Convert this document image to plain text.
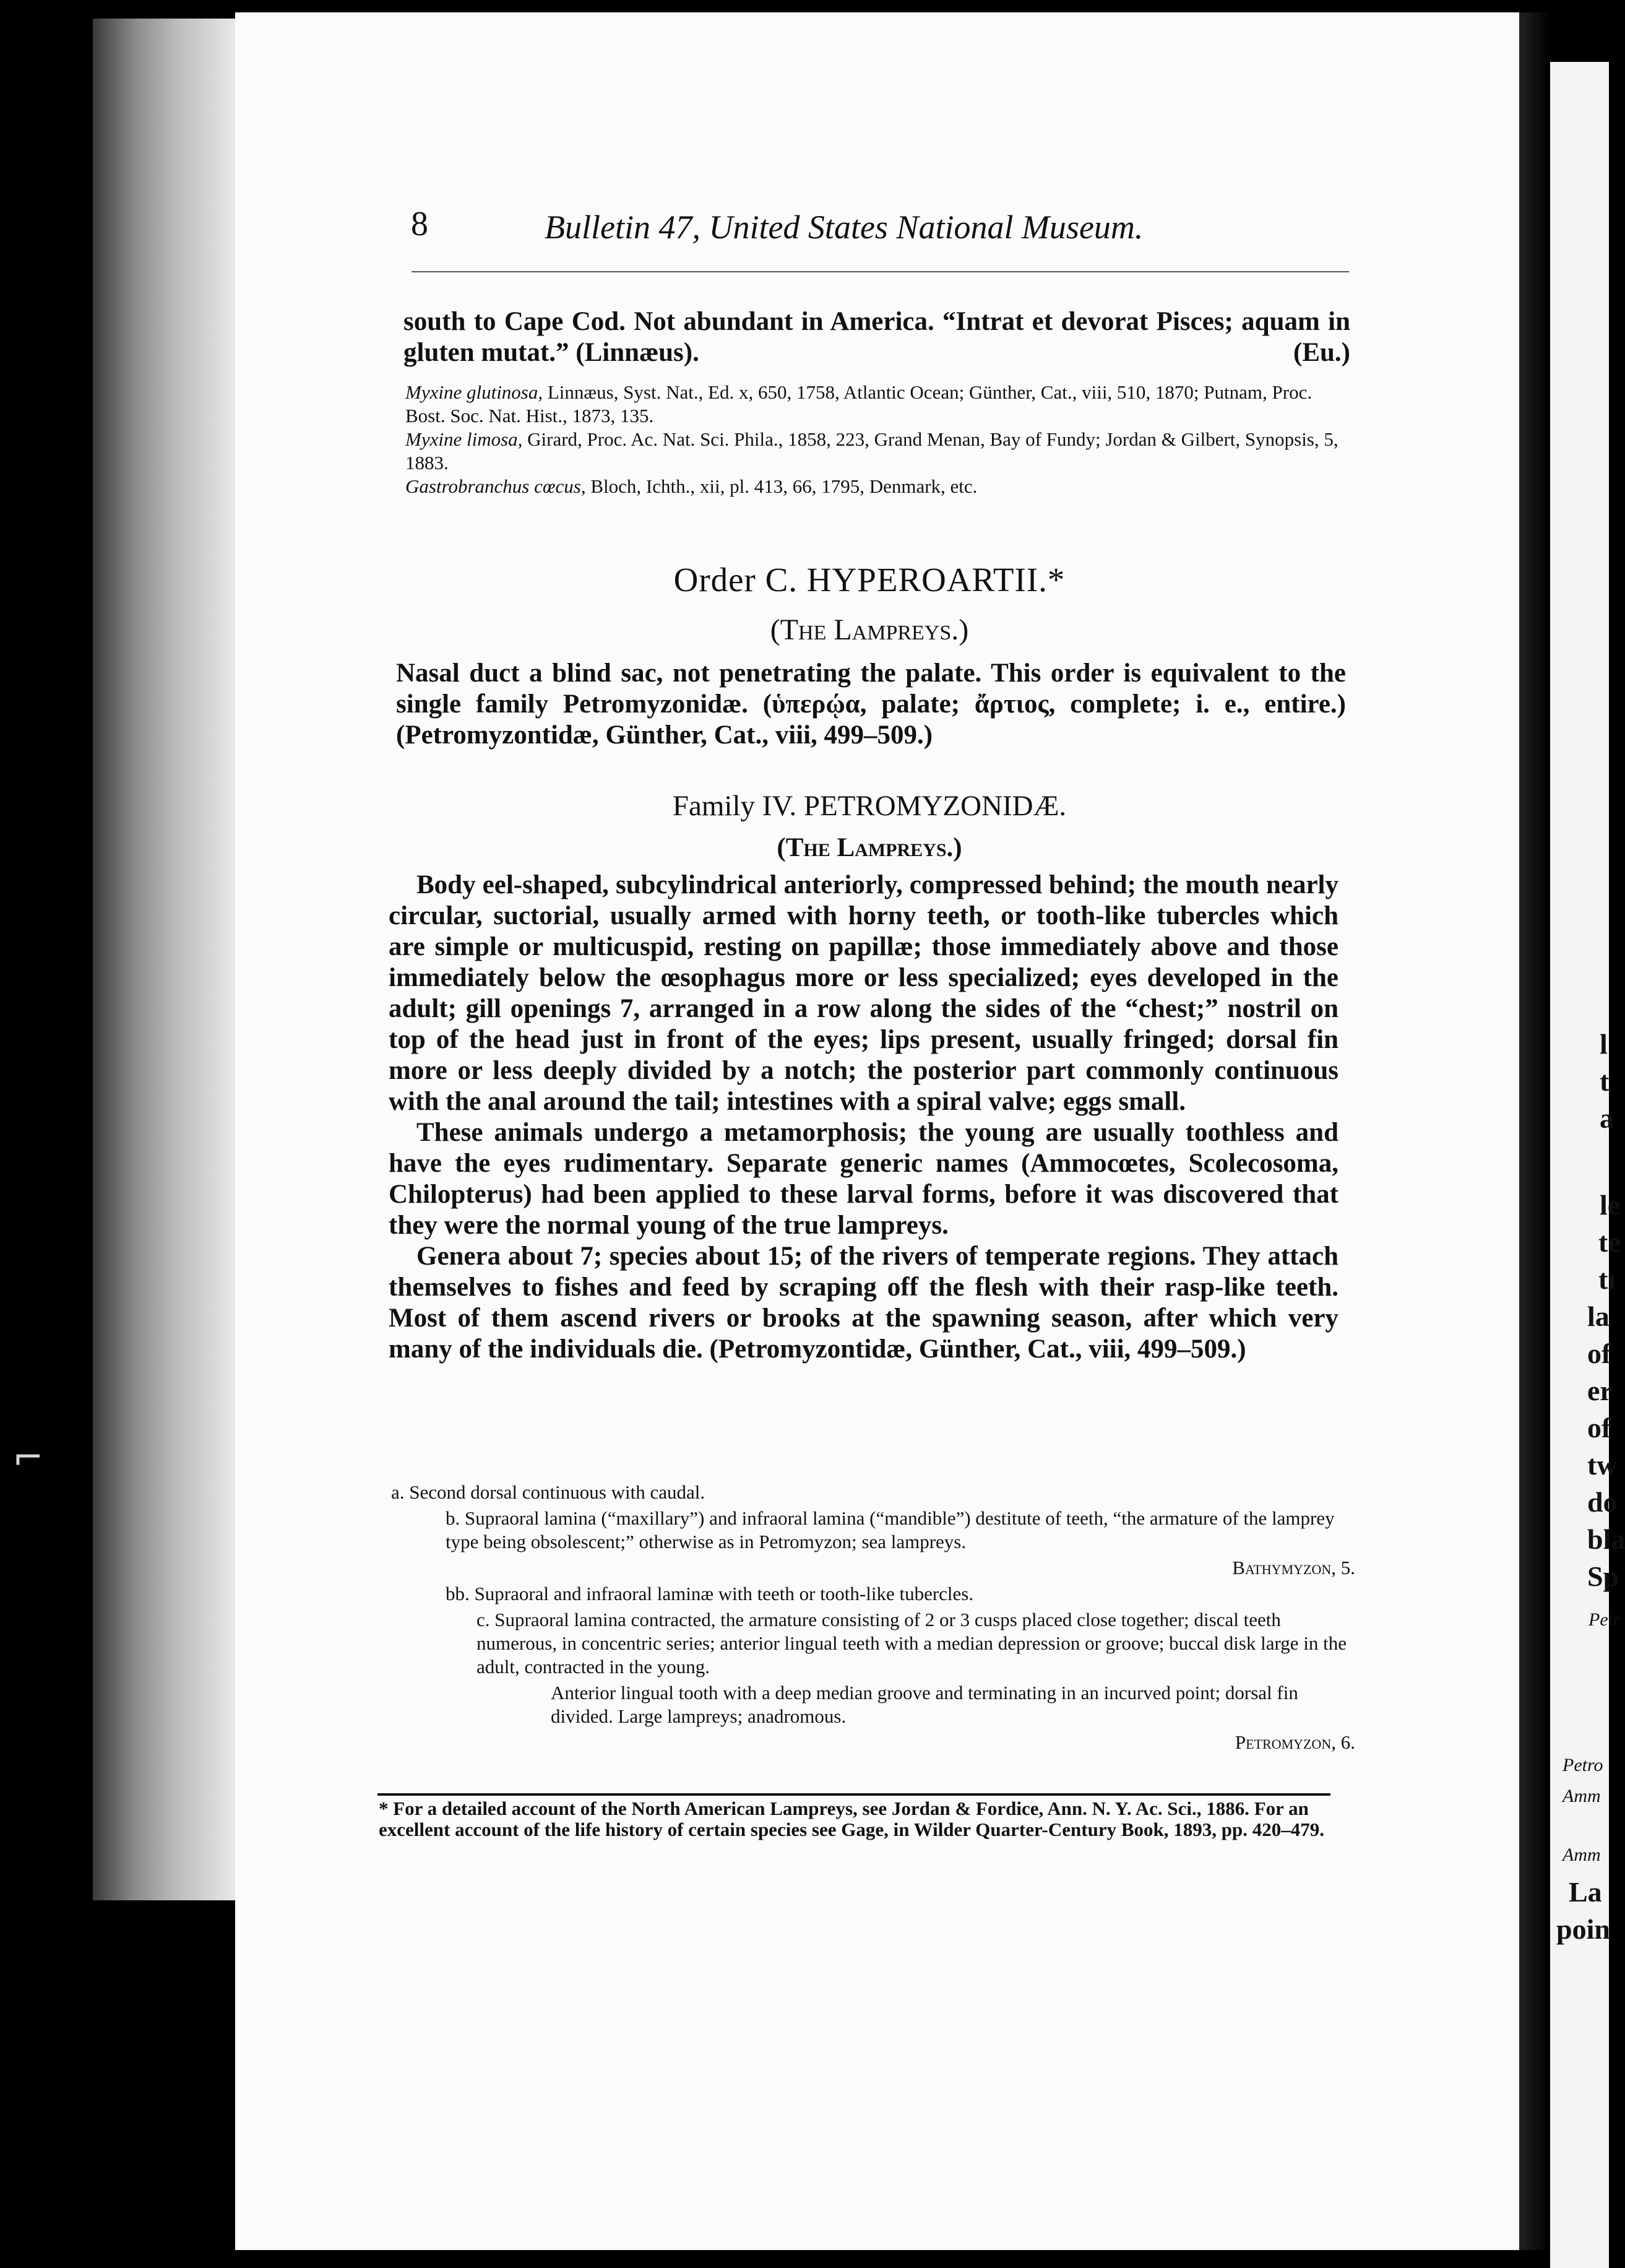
l
t
a
le
te
tı
la
of
er
of
tw
do
bla
Sp
Petr
Petro
Amm
Amm
La
poin
⌐
8	Bulletin 47, United States National Museum.
south to Cape Cod. Not abundant in America. “Intrat et devorat Pisces; aquam in gluten mutat.” (Linnæus).	(Eu.)

Myxine glutinosa, Linnæus, Syst. Nat., Ed. x, 650, 1758, Atlantic Ocean; Günther, Cat., viii, 510, 1870; Putnam, Proc. Bost. Soc. Nat. Hist., 1873, 135.

Myxine limosa, Girard, Proc. Ac. Nat. Sci. Phila., 1858, 223, Grand Menan, Bay of Fundy; Jordan & Gilbert, Synopsis, 5, 1883.

Gastrobranchus cœcus, Bloch, Ichth., xii, pl. 413, 66, 1795, Denmark, etc.

Order C. HYPEROARTII.*
(The Lampreys.)
Nasal duct a blind sac, not penetrating the palate. This order is equivalent to the single family Petromyzonidæ. (ὑπερῴα, palate; ἄρτιος, complete; i. e., entire.) (Petromyzontidæ, Günther, Cat., viii, 499–509.)
Family IV. PETROMYZONIDÆ.
(The Lampreys.)

Body eel-shaped, subcylindrical anteriorly, compressed behind; the mouth nearly circular, suctorial, usually armed with horny teeth, or tooth-like tubercles which are simple or multicuspid, resting on papillæ; those immediately above and those immediately below the œsophagus more or less specialized; eyes developed in the adult; gill openings 7, arranged in a row along the sides of the “chest;” nostril on top of the head just in front of the eyes; lips present, usually fringed; dorsal fin more or less deeply divided by a notch; the posterior part commonly continuous with the anal around the tail; intestines with a spiral valve; eggs small.

These animals undergo a metamorphosis; the young are usually toothless and have the eyes rudimentary. Separate generic names (Ammocœtes, Scolecosoma, Chilopterus) had been applied to these larval forms, before it was discovered that they were the normal young of the true lampreys.

Genera about 7; species about 15; of the rivers of temperate regions. They attach themselves to fishes and feed by scraping off the flesh with their rasp-like teeth. Most of them ascend rivers or brooks at the spawning season, after which very many of the individuals die. (Petromyzontidæ, Günther, Cat., viii, 499–509.)

a. Second dorsal continuous with caudal.

b. Supraoral lamina (“maxillary”) and infraoral lamina (“mandible”) destitute of teeth, “the armature of the lamprey type being obsolescent;” otherwise as in Petromyzon; sea lampreys.

Bathymyzon, 5.

bb. Supraoral and infraoral laminæ with teeth or tooth-like tubercles.

c. Supraoral lamina contracted, the armature consisting of 2 or 3 cusps placed close together; discal teeth numerous, in concentric series; anterior lingual teeth with a median depression or groove; buccal disk large in the adult, contracted in the young.

Anterior lingual tooth with a deep median groove and terminating in an incurved point; dorsal fin divided. Large lampreys; anadromous.

Petromyzon, 6.

* For a detailed account of the North American Lampreys, see Jordan & Fordice, Ann. N. Y. Ac. Sci., 1886. For an excellent account of the life history of certain species see Gage, in Wilder Quarter-Century Book, 1893, pp. 420–479.
